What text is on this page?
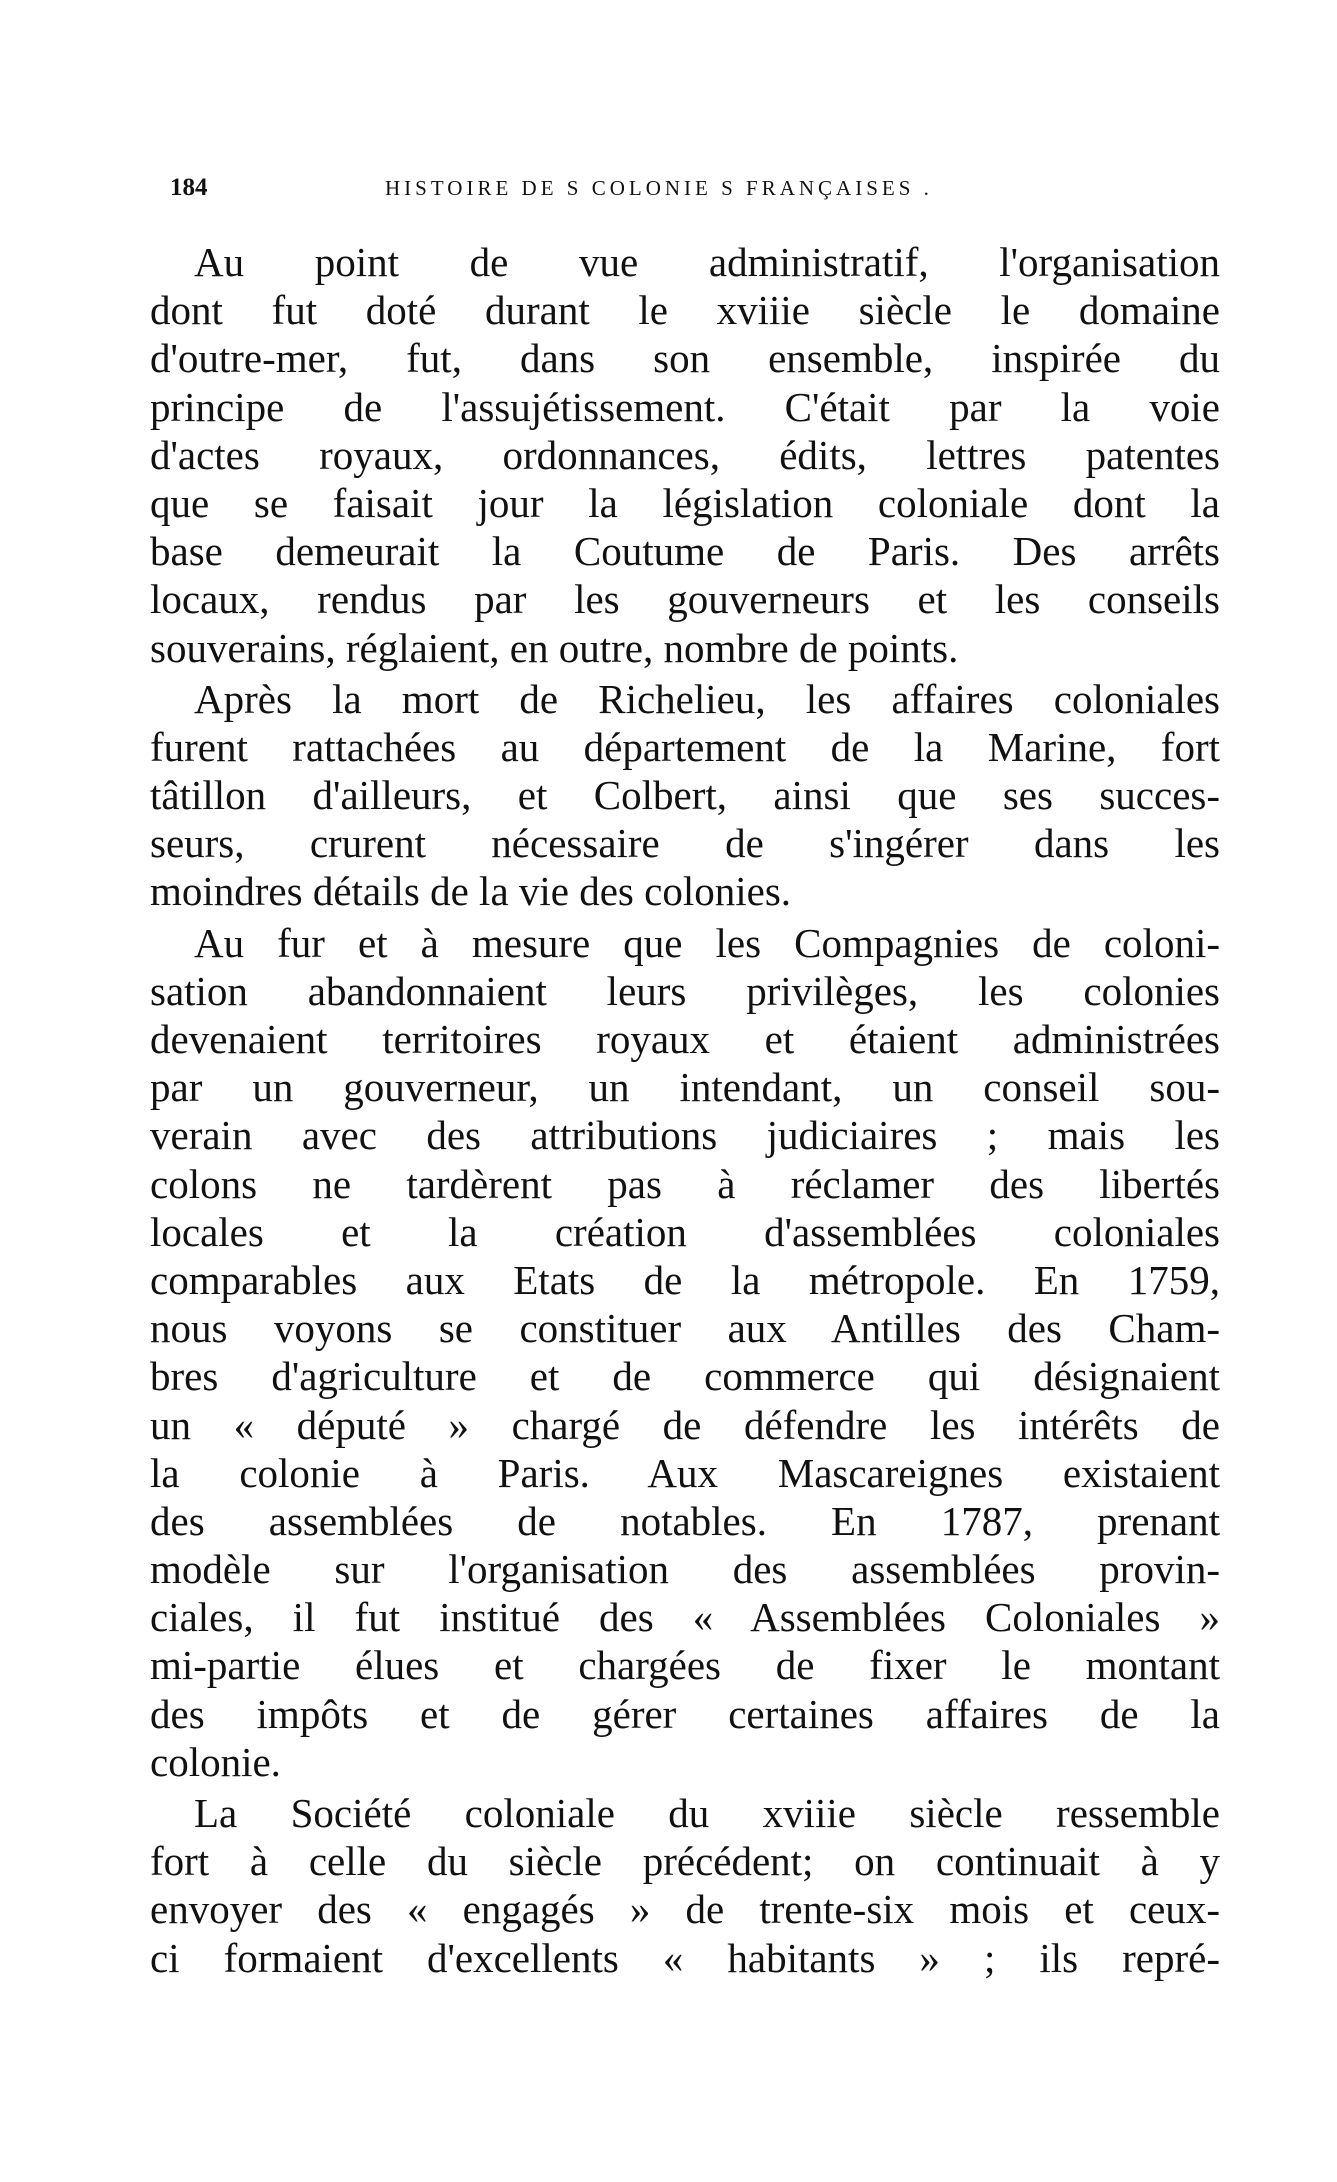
184	HISTOIRE DE S COLONIE S FRANÇAISES .
Au point de vue administratif, l'organisation
dont fut doté durant le xviiie siècle le domaine
d'outre-mer, fut, dans son ensemble, inspirée du
principe de l'assujétissement. C'était par la voie
d'actes royaux, ordonnances, édits, lettres patentes
que se faisait jour la législation coloniale dont la
base demeurait la Coutume de Paris. Des arrêts
locaux, rendus par les gouverneurs et les conseils
souverains, réglaient, en outre, nombre de points.
Après la mort de Richelieu, les affaires coloniales
furent rattachées au département de la Marine, fort
tâtillon d'ailleurs, et Colbert, ainsi que ses succes-
seurs, crurent nécessaire de s'ingérer dans les
moindres détails de la vie des colonies.
Au fur et à mesure que les Compagnies de coloni-
sation abandonnaient leurs privilèges, les colonies
devenaient territoires royaux et étaient administrées
par un gouverneur, un intendant, un conseil sou-
verain avec des attributions judiciaires ; mais les
colons ne tardèrent pas à réclamer des libertés
locales et la création d'assemblées coloniales
comparables aux Etats de la métropole. En 1759,
nous voyons se constituer aux Antilles des Cham-
bres d'agriculture et de commerce qui désignaient
un « député » chargé de défendre les intérêts de
la colonie à Paris. Aux Mascareignes existaient
des assemblées de notables. En 1787, prenant
modèle sur l'organisation des assemblées provin-
ciales, il fut institué des « Assemblées Coloniales »
mi-partie élues et chargées de fixer le montant
des impôts et de gérer certaines affaires de la
colonie.
La Société coloniale du xviiie siècle ressemble
fort à celle du siècle précédent; on continuait à y
envoyer des « engagés » de trente-six mois et ceux-
ci formaient d'excellents « habitants » ; ils repré-
